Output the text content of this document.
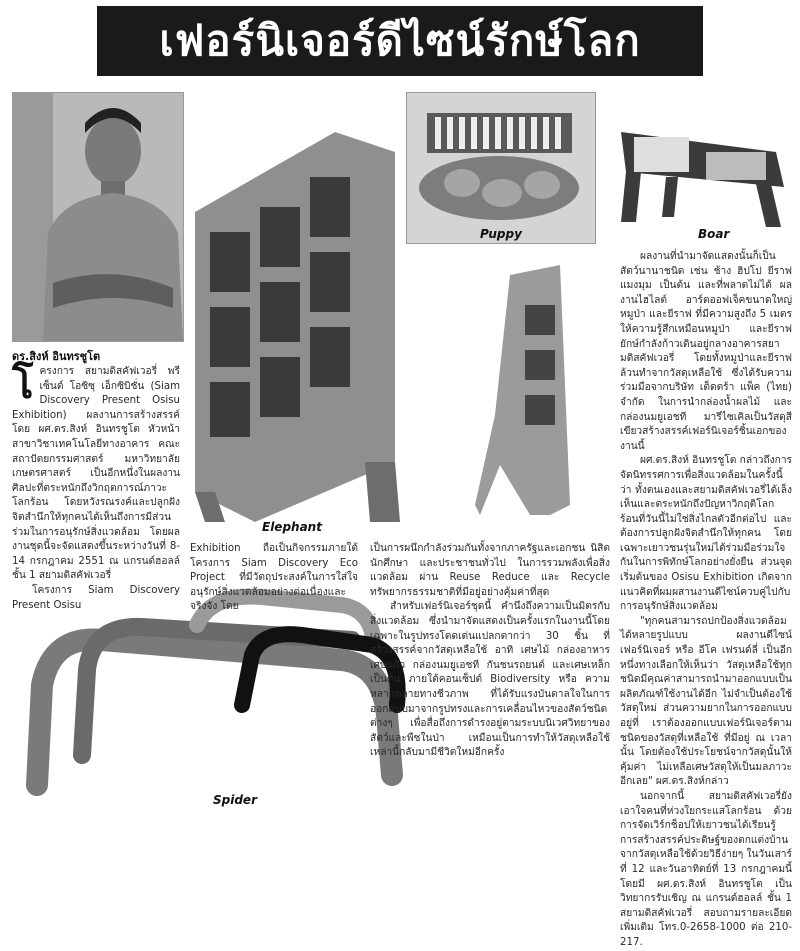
เฟอร์นิเจอร์ดีไซน์รักษ์โลก
ดร.สิงห์ อินทรชูโต
Elephant
Puppy	Boar
Spider
โ ครงการ สยามดิสคัฟเวอรี่ พรีเซ็นต์ โอซิซุ เอ็กซิบิชั่น (Siam Discovery Present Osisu Exhibition) ผลงานการสร้างสรรค์โดย ผศ.ดร.สิงห์ อินทรชูโต หัวหน้าสาขาวิชาเทคโนโลยีทางอาคาร คณะสถาปัตยกรรมศาสตร์ มหาวิทยาลัยเกษตรศาสตร์ เป็นอีกหนึ่งในผลงานศิลปะที่ตระหนักถึงวิกฤตการณ์ภาวะโลกร้อน โดยหวังรณรงค์และปลูกฝังจิตสำนึกให้ทุกคนได้เห็นถึงการมีส่วนร่วมในการอนุรักษ์สิ่งแวดล้อม โดยผลงานชุดนี้จะจัดแสดงขึ้นระหว่างวันที่ 8-14 กรกฎาคม 2551 ณ แกรนด์ฮอลล์ ชั้น 1 สยามดิสคัฟเวอรี่

โครงการ Siam Discovery Present Osisu

Exhibition ถือเป็นกิจกรรมภายใต้โครงการ Siam Discovery Eco Project ที่มีวัตถุประสงค์ในการใส่ใจอนุรักษ์สิ่งแวดล้อมอย่างต่อเนื่องและจริงจัง โดย

เป็นการผนึกกำลังร่วมกันทั้งจากภาครัฐและเอกชน นิสิต นักศึกษา และประชาชนทั่วไป ในการรวมพลังเพื่อสิ่งแวดล้อม ผ่าน Reuse Reduce และ Recycle ทรัพยากรธรรมชาติที่มีอยู่อย่างคุ้มค่าที่สุด

สำหรับเฟอร์นิเจอร์ชุดนี้ คำนึงถึงความเป็นมิตรกับสิ่งแวดล้อม ซึ่งนำมาจัดแสดงเป็นครั้งแรกในงานนี้โดยเฉพาะในรูปทรงโดดเด่นแปลกตากว่า 30 ชิ้น ที่สร้างสรรค์จากวัสดุเหลือใช้ อาทิ เศษไม้ กล่องอาหาร เศษแก้ว กล่องนมยูเอชที กันชนรถยนต์ และเศษเหล็ก เป็นต้น ภายใต้คอนเซ็ปต์ Biodiversity หรือ ความหลากหลายทางชีวภาพ ที่ได้รับแรงบันดาลใจในการออกแบบมาจากรูปทรงและการเคลื่อนไหวของสัตว์ชนิดต่างๆ เพื่อสื่อถึงการดำรงอยู่ตามระบบนิเวศวิทยาของสัตว์และพืชในป่า เหมือนเป็นการทำให้วัสดุเหลือใช้เหล่านี้กลับมามีชีวิตใหม่อีกครั้ง

ผลงานที่นำมาจัดแสดงนั้นก็เป็นสัตว์นานาชนิด เช่น ช้าง ฮิปโป ยีราฟ แมงมุม เป็นต้น และที่พลาดไม่ได้ ผลงานไฮไลต์ อาร์ตออฟเจ็คขนาดใหญ่ หมูป่า และยีราฟ ที่มีความสูงถึง 5 เมตร ให้ความรู้สึกเหมือนหมูป่า และยีราฟยักษ์กำลังก้าวเดินอยู่กลางอาคารสยามดิสคัฟเวอรี่ โดยทั้งหมูป่าและยีราฟล้วนทำจากวัสดุเหลือใช้ ซึ่งได้รับความร่วมมือจากบริษัท เต็ดตร้า แพ็ค (ไทย) จำกัด ในการนำกล่องน้ำผลไม้ และกล่องนมยูเอชที มารีไซเคิลเป็นวัสดุสีเขียวสร้างสรรค์เฟอร์นิเจอร์ชิ้นเอกของงานนี้

ผศ.ดร.สิงห์ อินทรชูโต กล่าวถึงการจัดนิทรรศการเพื่อสิ่งแวดล้อมในครั้งนี้ว่า ทั้งตนเองและสยามดิสคัฟเวอรี่ได้เล็งเห็นและตระหนักถึงปัญหาวิกฤติโลกร้อนที่วันนี้ไม่ใช่สิ่งไกลตัวอีกต่อไป และต้องการปลูกฝังจิตสำนึกให้ทุกคน โดยเฉพาะเยาวชนรุ่นใหม่ได้ร่วมมือร่วมใจกันในการพิทักษ์โลกอย่างยั่งยืน ส่วนจุดเริ่มต้นของ Osisu Exhibition เกิดจากแนวคิดที่ผมผสานงานดีไซน์ควบคู่ไปกับการอนุรักษ์สิ่งแวดล้อม

"ทุกคนสามารถปกป้องสิ่งแวดล้อมได้หลายรูปแบบ ผลงานดีไซน์เฟอร์นิเจอร์ หรือ อีโค เฟรนด์ลี่ เป็นอีกหนึ่งทางเลือกให้เห็นว่า วัสดุเหลือใช้ทุกชนิดมีคุณค่าสามารถนำมาออกแบบเป็นผลิตภัณฑ์ใช้งานได้อีก ไม่จำเป็นต้องใช้วัสดุใหม่ ส่วนความยากในการออกแบบอยู่ที่ เราต้องออกแบบเฟอร์นิเจอร์ตามชนิดของวัสดุที่เหลือใช้ ที่มีอยู่ ณ เวลานั้น โดยต้องใช้ประโยชน์จากวัสดุนั้นให้คุ้มค่า ไม่เหลือเศษวัสดุให้เป็นมลภาวะอีกเลย" ผศ.ดร.สิงห์กล่าว

นอกจากนี้ สยามดิสคัฟเวอรี่ยังเอาใจคนที่ห่วงใยกระแสโลกร้อน ด้วยการจัดเวิร์กช็อปให้เยาวชนได้เรียนรู้การสร้างสรรค์ประดิษฐ์ของตกแต่งบ้านจากวัสดุเหลือใช้ด้วยวิธีง่ายๆ ในวันเสาร์ที่ 12 และวันอาทิตย์ที่ 13 กรกฎาคมนี้ โดยมี ผศ.ดร.สิงห์ อินทรชูโต เป็นวิทยากรรับเชิญ ณ แกรนด์ฮอลล์ ชั้น 1 สยามดิสคัฟเวอรี่ สอบถามรายละเอียดเพิ่มเติม โทร.0-2658-1000 ต่อ 210-217.
